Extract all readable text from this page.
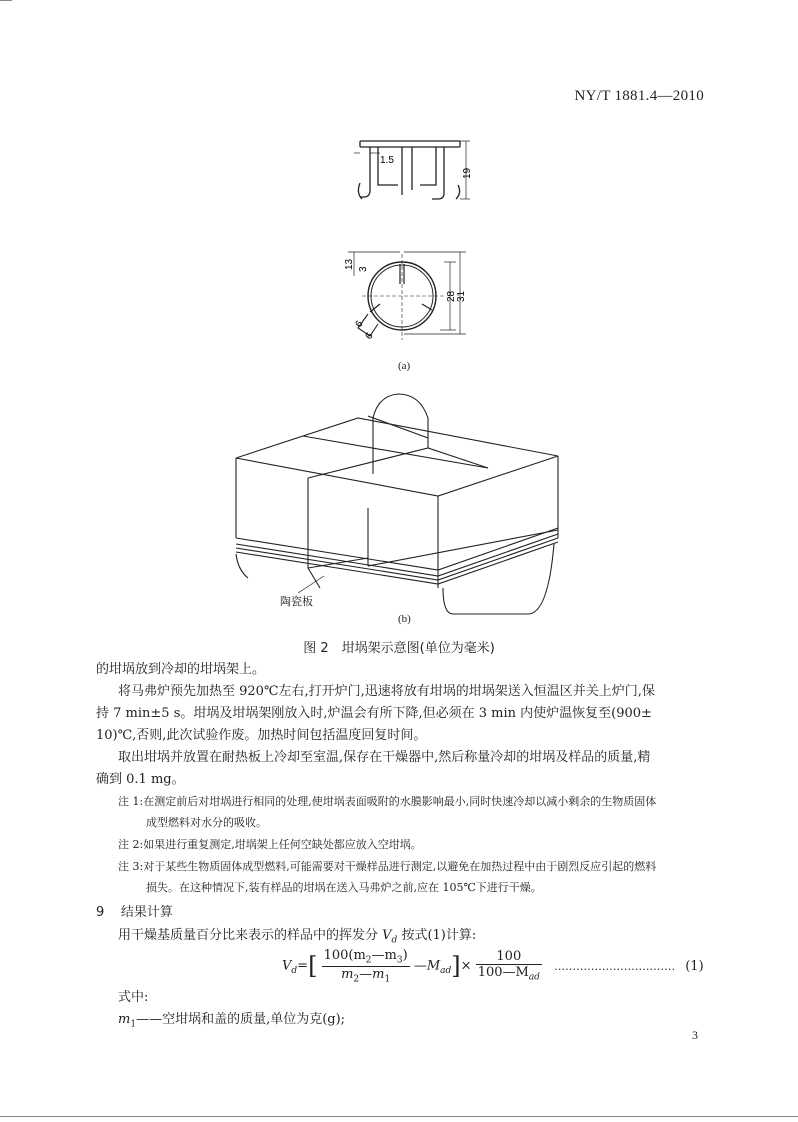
NY/T 1881.4—2010
1.5
19
13 3
28 31
6
6
(a)
陶瓷板
(b)
图 2　坩埚架示意图(单位为毫米)
的坩埚放到冷却的坩埚架上。
将马弗炉预先加热至 920℃左右,打开炉门,迅速将放有坩埚的坩埚架送入恒温区并关上炉门,保
持 7 min±5 s。坩埚及坩埚架刚放入时,炉温会有所下降,但必须在 3 min 内使炉温恢复至(900±
10)℃,否则,此次试验作废。加热时间包括温度回复时间。
取出坩埚并放置在耐热板上冷却至室温,保存在干燥器中,然后称量冷却的坩埚及样品的质量,精
确到 0.1 mg。
注 1:在测定前后对坩埚进行相同的处理,使坩埚表面吸附的水膜影响最小,同时快速冷却以减小剩余的生物质固体
成型燃料对水分的吸收。
注 2:如果进行重复测定,坩埚架上任何空缺处都应放入空坩埚。
注 3:对于某些生物质固体成型燃料,可能需要对干燥样品进行测定,以避免在加热过程中由于剧烈反应引起的燃料
损失。在这种情况下,装有样品的坩埚在送入马弗炉之前,应在 105℃下进行干燥。
9 结果计算
用干燥基质量百分比来表示的样品中的挥发分 $V_d$ 按式(1)计算:
$V_d=[ \frac{100(m_2—m_3)}{m_2—m_1}$ $—M_{ad}]\times \frac{100}{100—M_{ad}}$ …………………………… (1)
式中:
$m_1——$空坩埚和盖的质量,单位为克(g);
3
